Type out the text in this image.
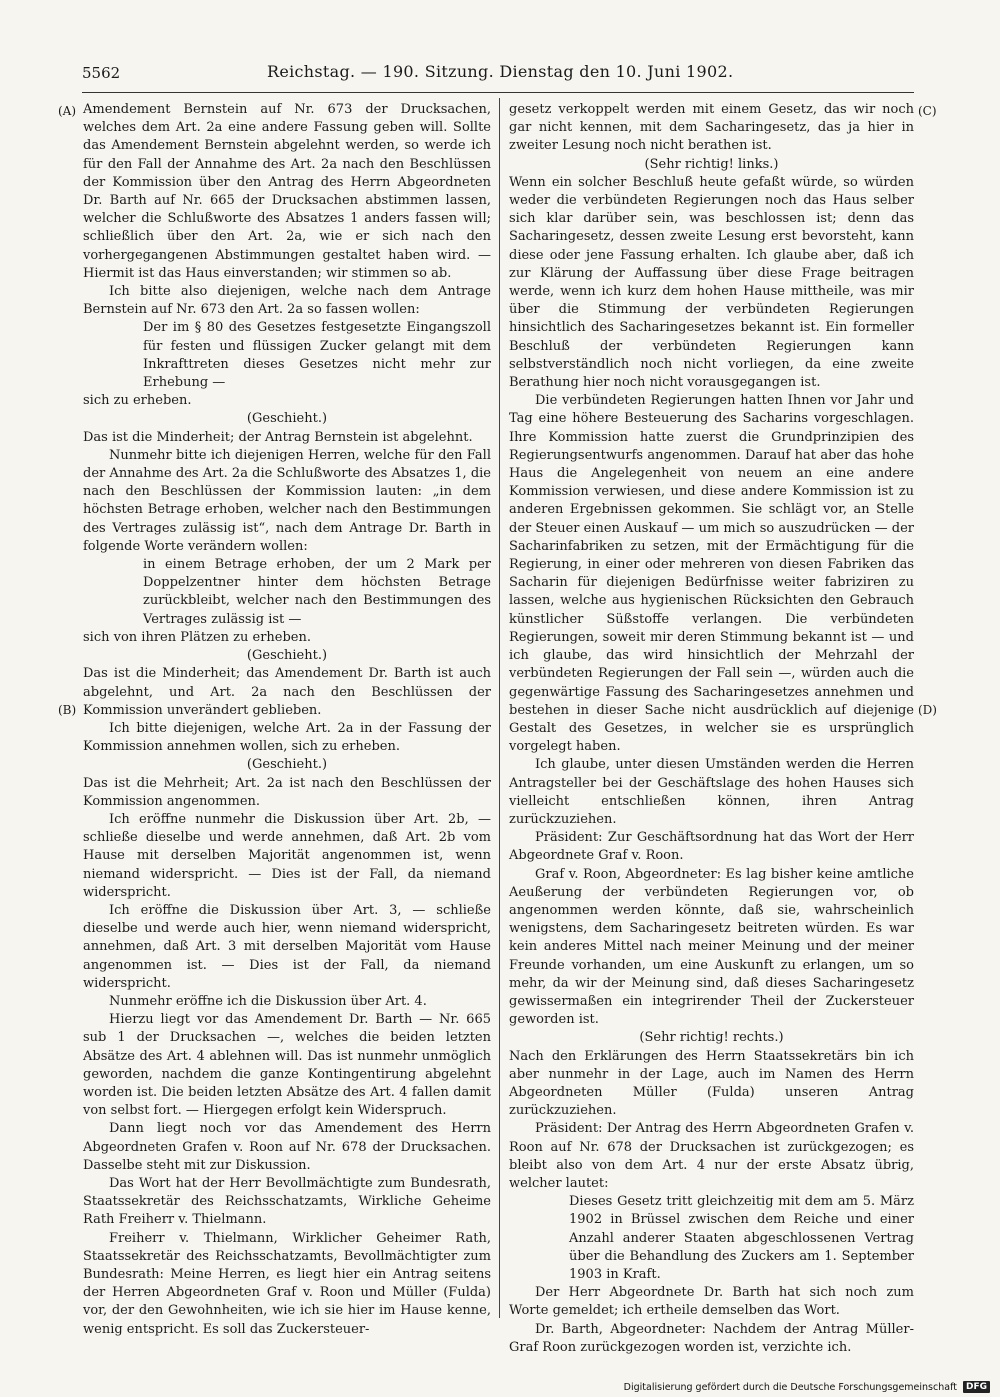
5562	Reichstag. — 190. Sitzung. Dienstag den 10. Juni 1902.
(A)
(B)
(C)
(D)

Amendement Bernstein auf Nr. 673 der Drucksachen, welches dem Art. 2a eine andere Fassung geben will. Sollte das Amendement Bernstein abgelehnt werden, so werde ich für den Fall der Annahme des Art. 2a nach den Beschlüssen der Kommission über den Antrag des Herrn Abgeordneten Dr. Barth auf Nr. 665 der Drucksachen abstimmen lassen, welcher die Schlußworte des Absatzes 1 anders fassen will; schließlich über den Art. 2a, wie er sich nach den vorhergegangenen Abstimmungen gestaltet haben wird. — Hiermit ist das Haus einverstanden; wir stimmen so ab.

Ich bitte also diejenigen, welche nach dem Antrage Bernstein auf Nr. 673 den Art. 2a so fassen wollen:

Der im § 80 des Gesetzes festgesetzte Eingangszoll für festen und flüssigen Zucker gelangt mit dem Inkrafttreten dieses Gesetzes nicht mehr zur Erhebung —

sich zu erheben.

(Geschieht.)

Das ist die Minderheit; der Antrag Bernstein ist abgelehnt.

Nunmehr bitte ich diejenigen Herren, welche für den Fall der Annahme des Art. 2a die Schlußworte des Absatzes 1, die nach den Beschlüssen der Kommission lauten: „in dem höchsten Betrage erhoben, welcher nach den Bestimmungen des Vertrages zulässig ist“, nach dem Antrage Dr. Barth in folgende Worte verändern wollen:

in einem Betrage erhoben, der um 2 Mark per Doppelzentner hinter dem höchsten Betrage zurückbleibt, welcher nach den Bestimmungen des Vertrages zulässig ist —

sich von ihren Plätzen zu erheben.

(Geschieht.)

Das ist die Minderheit; das Amendement Dr. Barth ist auch abgelehnt, und Art. 2a nach den Beschlüssen der Kommission unverändert geblieben.

Ich bitte diejenigen, welche Art. 2a in der Fassung der Kommission annehmen wollen, sich zu erheben.

(Geschieht.)

Das ist die Mehrheit; Art. 2a ist nach den Beschlüssen der Kommission angenommen.

Ich eröffne nunmehr die Diskussion über Art. 2b, — schließe dieselbe und werde annehmen, daß Art. 2b vom Hause mit derselben Majorität angenommen ist, wenn niemand widerspricht. — Dies ist der Fall, da niemand widerspricht.

Ich eröffne die Diskussion über Art. 3, — schließe dieselbe und werde auch hier, wenn niemand widerspricht, annehmen, daß Art. 3 mit derselben Majorität vom Hause angenommen ist. — Dies ist der Fall, da niemand widerspricht.

Nunmehr eröffne ich die Diskussion über Art. 4.

Hierzu liegt vor das Amendement Dr. Barth — Nr. 665 sub 1 der Drucksachen —, welches die beiden letzten Absätze des Art. 4 ablehnen will. Das ist nunmehr unmöglich geworden, nachdem die ganze Kontingentirung abgelehnt worden ist. Die beiden letzten Absätze des Art. 4 fallen damit von selbst fort. — Hiergegen erfolgt kein Widerspruch.

Dann liegt noch vor das Amendement des Herrn Abgeordneten Grafen v. Roon auf Nr. 678 der Drucksachen. Dasselbe steht mit zur Diskussion.

Das Wort hat der Herr Bevollmächtigte zum Bundesrath, Staatssekretär des Reichsschatzamts, Wirkliche Geheime Rath Freiherr v. Thielmann.

Freiherr v. Thielmann, Wirklicher Geheimer Rath, Staatssekretär des Reichsschatzamts, Bevollmächtigter zum Bundesrath: Meine Herren, es liegt hier ein Antrag seitens der Herren Abgeordneten Graf v. Roon und Müller (Fulda) vor, der den Gewohnheiten, wie ich sie hier im Hause kenne, wenig entspricht. Es soll das Zuckersteuer-

gesetz verkoppelt werden mit einem Gesetz, das wir noch gar nicht kennen, mit dem Sacharingesetz, das ja hier in zweiter Lesung noch nicht berathen ist.

(Sehr richtig! links.)

Wenn ein solcher Beschluß heute gefaßt würde, so würden weder die verbündeten Regierungen noch das Haus selber sich klar darüber sein, was beschlossen ist; denn das Sacharingesetz, dessen zweite Lesung erst bevorsteht, kann diese oder jene Fassung erhalten. Ich glaube aber, daß ich zur Klärung der Auffassung über diese Frage beitragen werde, wenn ich kurz dem hohen Hause mittheile, was mir über die Stimmung der verbündeten Regierungen hinsichtlich des Sacharingesetzes bekannt ist. Ein formeller Beschluß der verbündeten Regierungen kann selbstverständlich noch nicht vorliegen, da eine zweite Berathung hier noch nicht vorausgegangen ist.

Die verbündeten Regierungen hatten Ihnen vor Jahr und Tag eine höhere Besteuerung des Sacharins vorgeschlagen. Ihre Kommission hatte zuerst die Grundprinzipien des Regierungsentwurfs angenommen. Darauf hat aber das hohe Haus die Angelegenheit von neuem an eine andere Kommission verwiesen, und diese andere Kommission ist zu anderen Ergebnissen gekommen. Sie schlägt vor, an Stelle der Steuer einen Auskauf — um mich so auszudrücken — der Sacharinfabriken zu setzen, mit der Ermächtigung für die Regierung, in einer oder mehreren von diesen Fabriken das Sacharin für diejenigen Bedürfnisse weiter fabriziren zu lassen, welche aus hygienischen Rücksichten den Gebrauch künstlicher Süßstoffe verlangen. Die verbündeten Regierungen, soweit mir deren Stimmung bekannt ist — und ich glaube, das wird hinsichtlich der Mehrzahl der verbündeten Regierungen der Fall sein —, würden auch die gegenwärtige Fassung des Sacharingesetzes annehmen und bestehen in dieser Sache nicht ausdrücklich auf diejenige Gestalt des Gesetzes, in welcher sie es ursprünglich vorgelegt haben.

Ich glaube, unter diesen Umständen werden die Herren Antragsteller bei der Geschäftslage des hohen Hauses sich vielleicht entschließen können, ihren Antrag zurückzuziehen.

Präsident: Zur Geschäftsordnung hat das Wort der Herr Abgeordnete Graf v. Roon.

Graf v. Roon, Abgeordneter: Es lag bisher keine amtliche Aeußerung der verbündeten Regierungen vor, ob angenommen werden könnte, daß sie, wahrscheinlich wenigstens, dem Sacharingesetz beitreten würden. Es war kein anderes Mittel nach meiner Meinung und der meiner Freunde vorhanden, um eine Auskunft zu erlangen, um so mehr, da wir der Meinung sind, daß dieses Sacharingesetz gewissermaßen ein integrirender Theil der Zuckersteuer geworden ist.

(Sehr richtig! rechts.)

Nach den Erklärungen des Herrn Staatssekretärs bin ich aber nunmehr in der Lage, auch im Namen des Herrn Abgeordneten Müller (Fulda) unseren Antrag zurückzuziehen.

Präsident: Der Antrag des Herrn Abgeordneten Grafen v. Roon auf Nr. 678 der Drucksachen ist zurückgezogen; es bleibt also von dem Art. 4 nur der erste Absatz übrig, welcher lautet:

Dieses Gesetz tritt gleichzeitig mit dem am 5. März 1902 in Brüssel zwischen dem Reiche und einer Anzahl anderer Staaten abgeschlossenen Vertrag über die Behandlung des Zuckers am 1. September 1903 in Kraft.

Der Herr Abgeordnete Dr. Barth hat sich noch zum Worte gemeldet; ich ertheile demselben das Wort.

Dr. Barth, Abgeordneter: Nachdem der Antrag Müller-Graf Roon zurückgezogen worden ist, verzichte ich.

Digitalisierung gefördert durch die Deutsche Forschungsgemeinschaft	DFG
